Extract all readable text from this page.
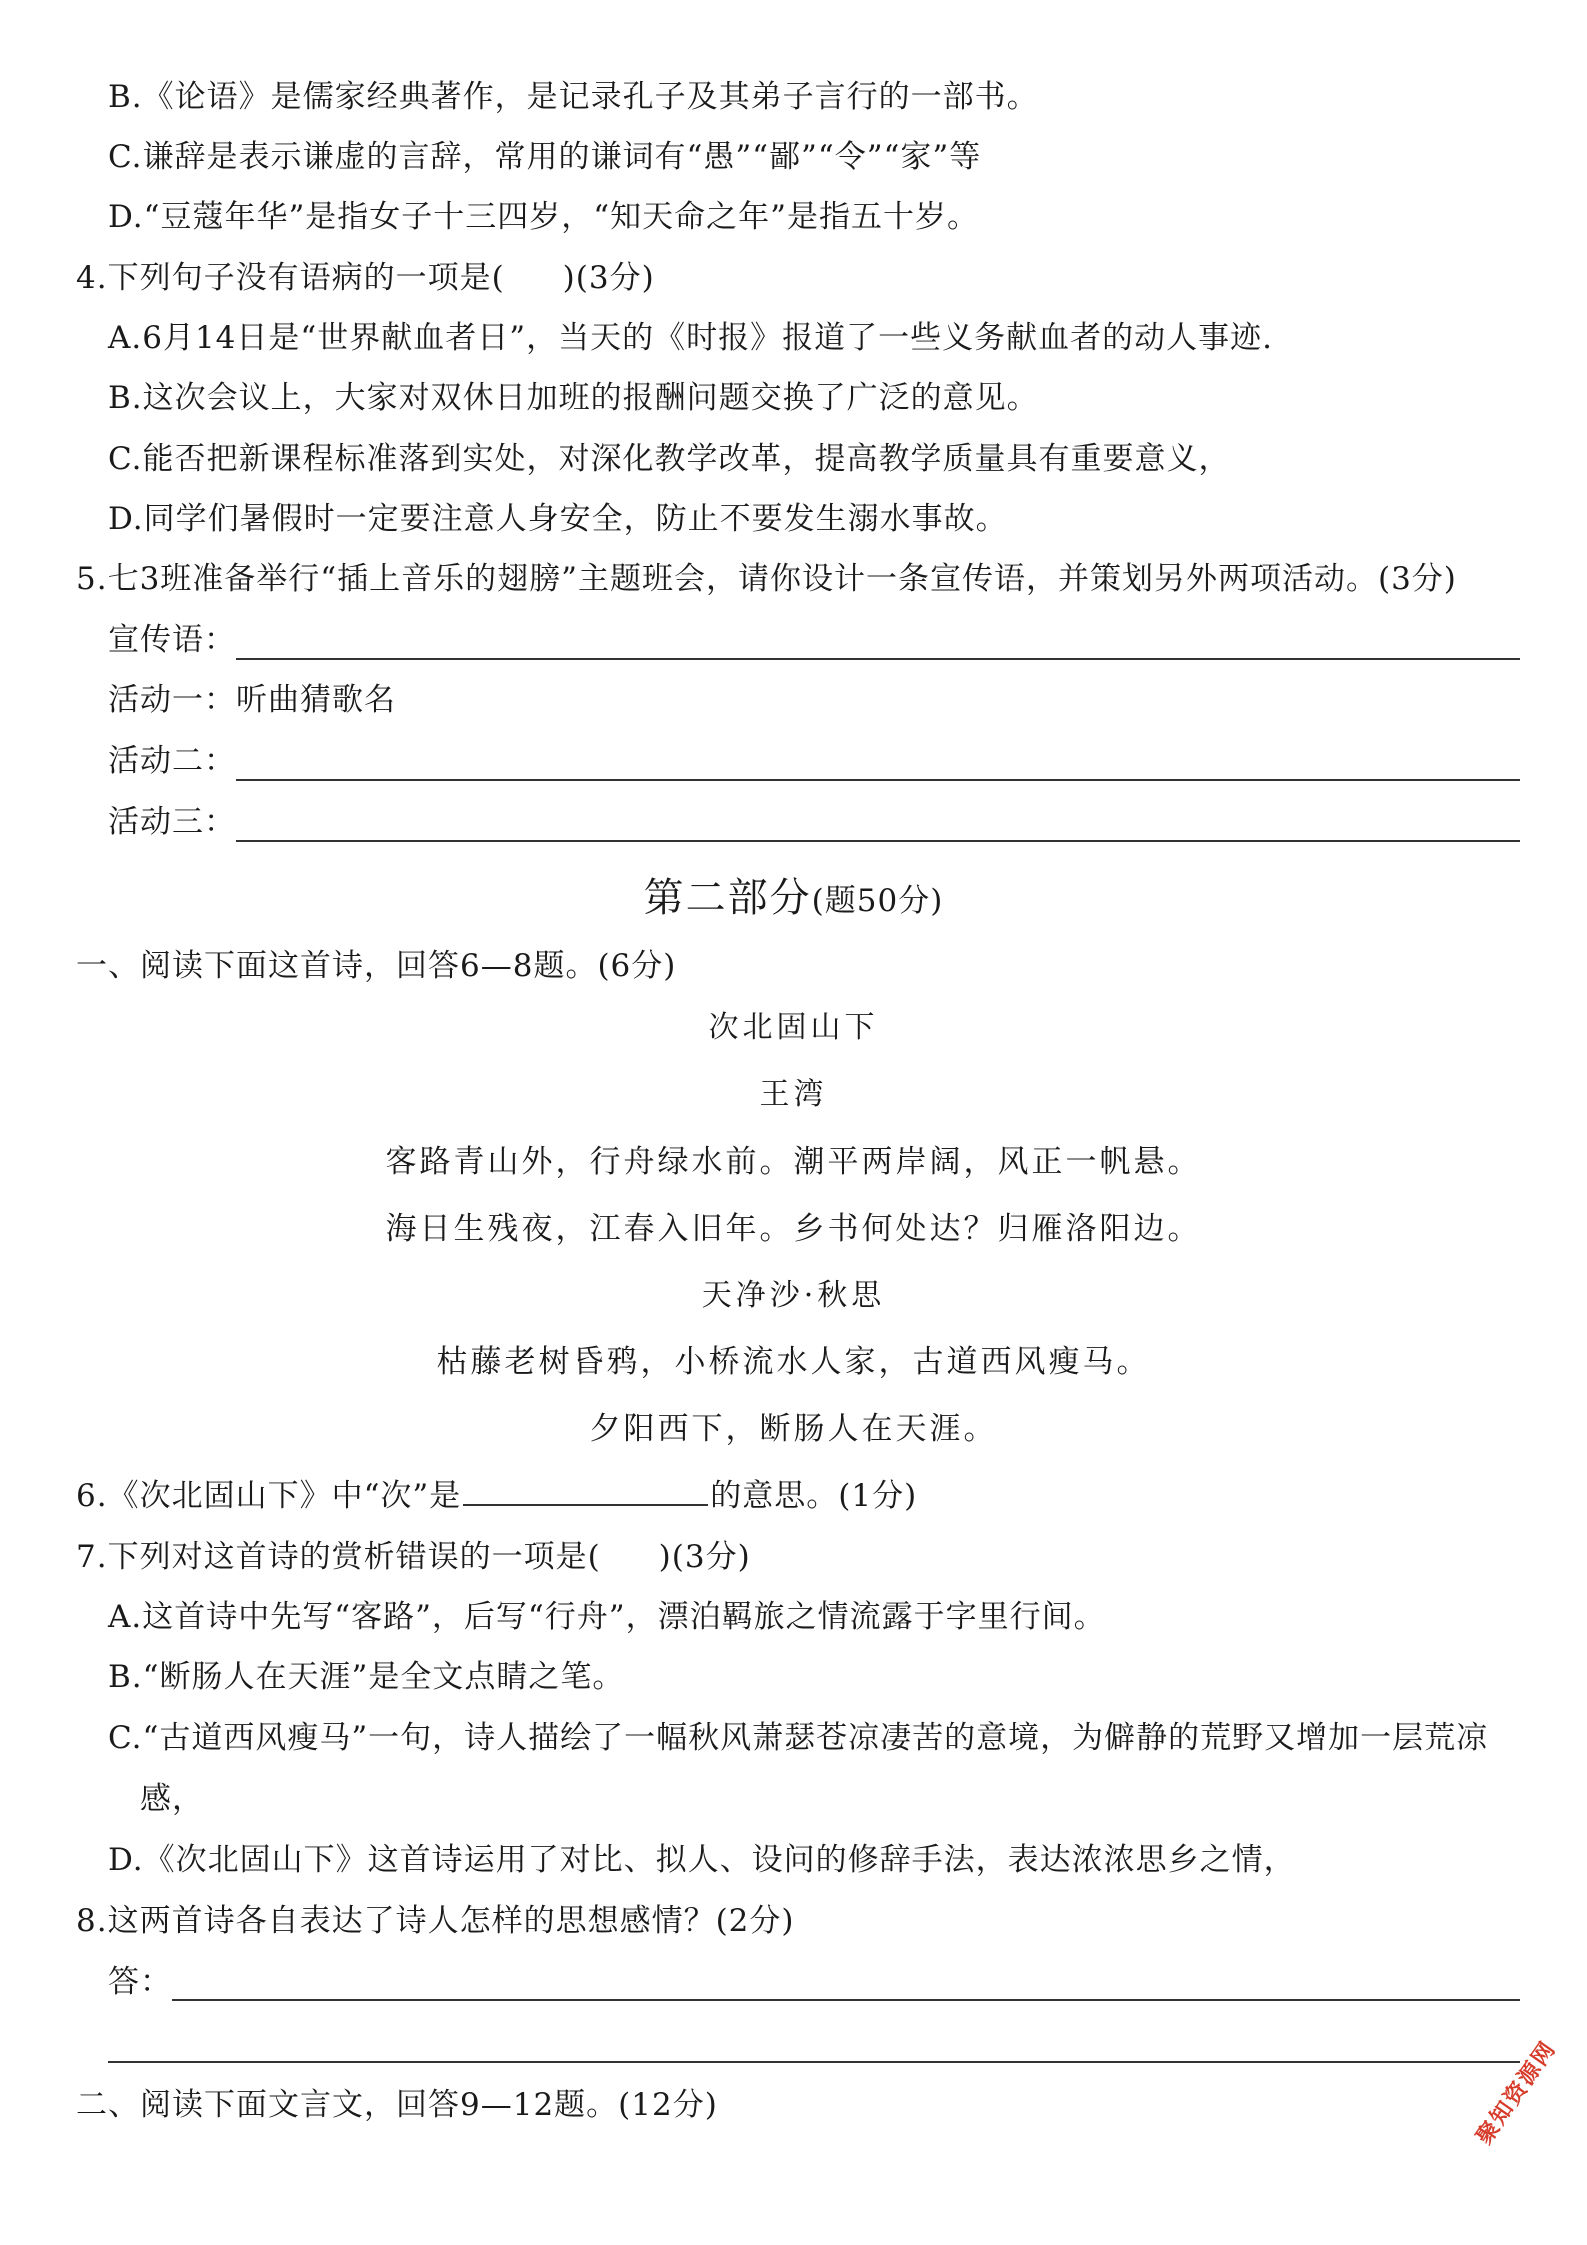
B.《论语》是儒家经典著作，是记录孔子及其弟子言行的一部书。
C.谦辞是表示谦虚的言辞，常用的谦词有“愚”“鄙”“令”“家”等
D.“豆蔻年华”是指女子十三四岁，“知天命之年”是指五十岁。
4.下列句子没有语病的一项是( )(3分)
A.6月14日是“世界献血者日”，当天的《时报》报道了一些义务献血者的动人事迹.
B.这次会议上，大家对双休日加班的报酬问题交换了广泛的意见。
C.能否把新课程标准落到实处，对深化教学改革，提高教学质量具有重要意义，
D.同学们暑假时一定要注意人身安全，防止不要发生溺水事故。
5.七3班准备举行“插上音乐的翅膀”主题班会，请你设计一条宣传语，并策划另外两项活动。(3分)
宣传语：
活动一：听曲猜歌名
活动二：
活动三：
第二部分(题50分)
一、阅读下面这首诗，回答6—8题。(6分)
次北固山下
王湾
客路青山外，行舟绿水前。潮平两岸阔，风正一帆悬。
海日生残夜，江春入旧年。乡书何处达？归雁洛阳边。
天净沙·秋思
枯藤老树昏鸦，小桥流水人家，古道西风瘦马。
夕阳西下，断肠人在天涯。
6.《次北固山下》中“次”是	的意思。(1分)
7.下列对这首诗的赏析错误的一项是( )(3分)
A.这首诗中先写“客路”，后写“行舟”，漂泊羁旅之情流露于字里行间。
B.“断肠人在天涯”是全文点睛之笔。
C.“古道西风瘦马”一句，诗人描绘了一幅秋风萧瑟苍凉凄苦的意境，为僻静的荒野又增加一层荒凉
感，
D.《次北固山下》这首诗运用了对比、拟人、设问的修辞手法，表达浓浓思乡之情，
8.这两首诗各自表达了诗人怎样的思想感情？(2分)
答：
二、阅读下面文言文，回答9—12题。(12分)	聚知资源网
